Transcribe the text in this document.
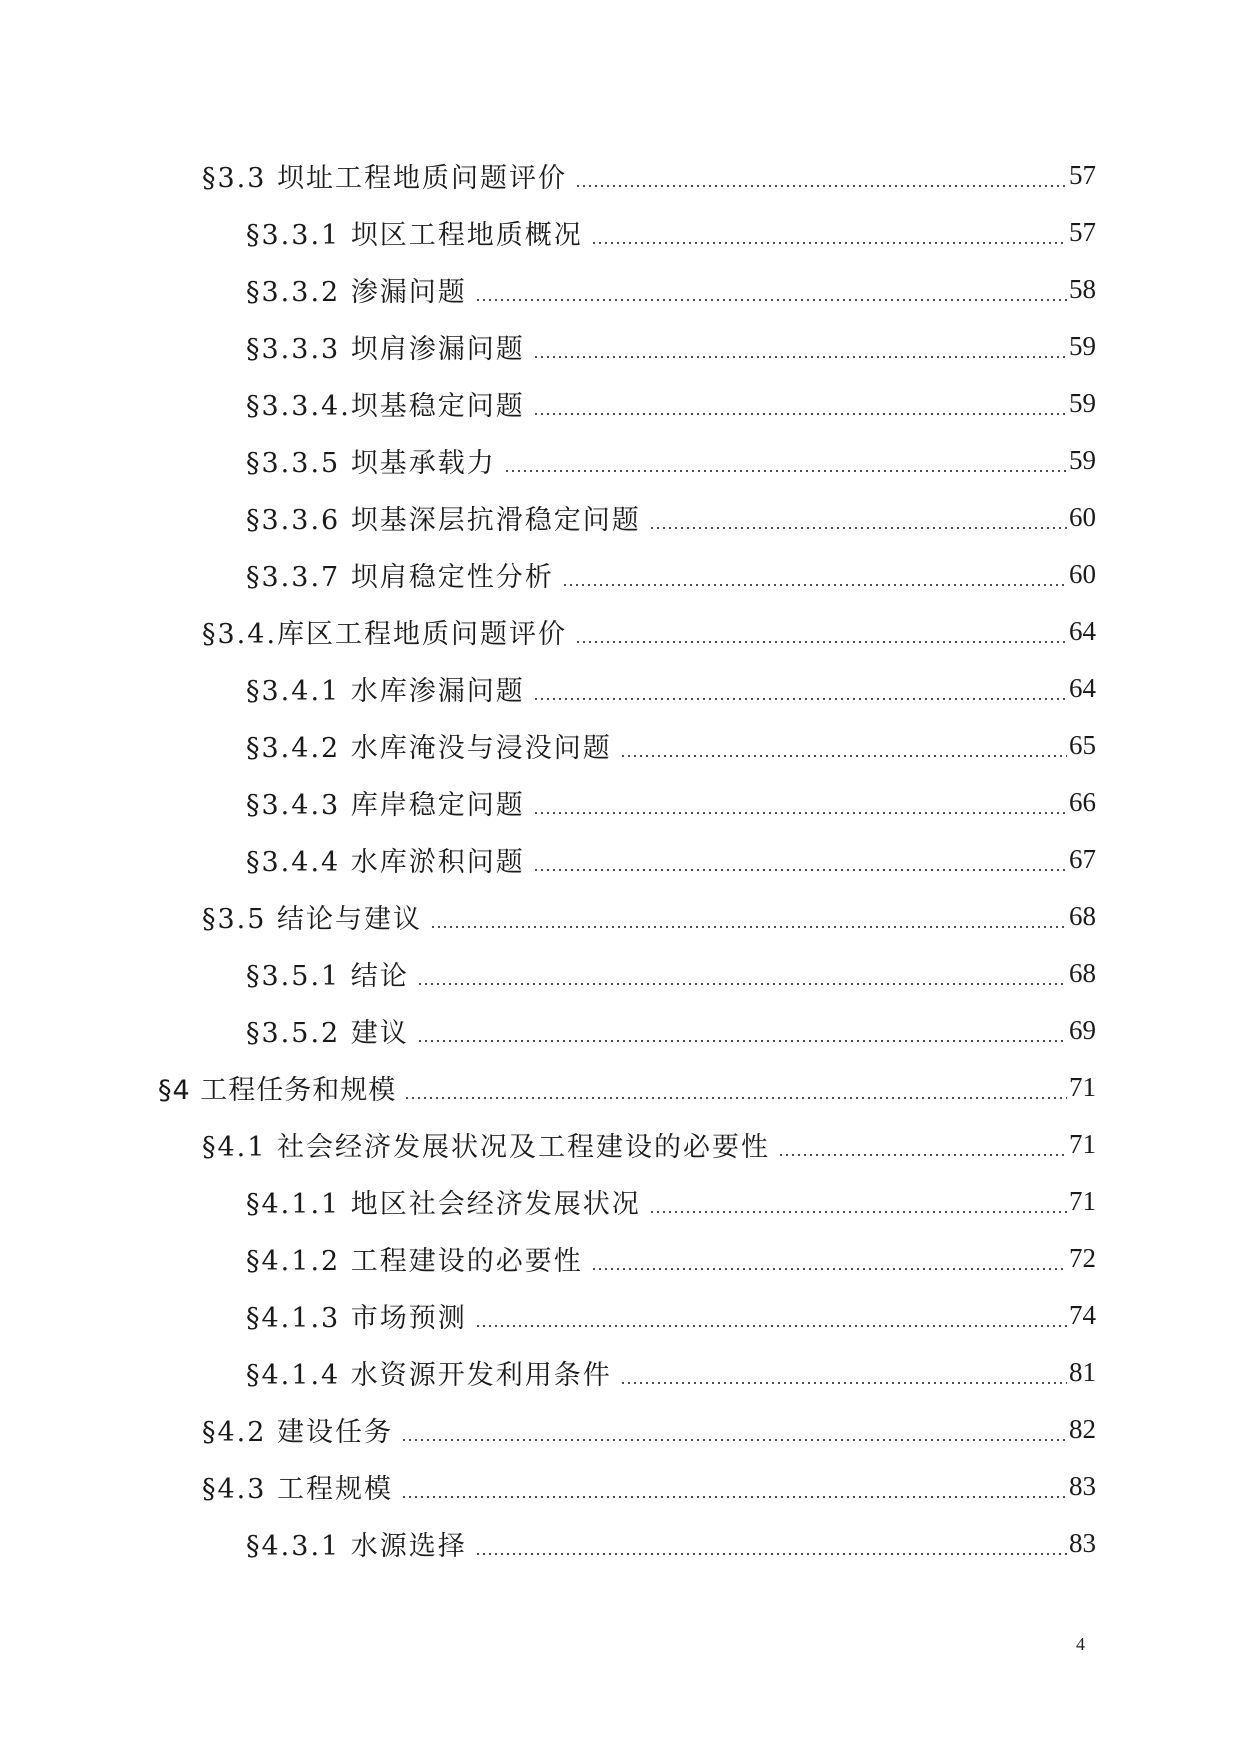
§3.3 坝址工程地质问题评价	57
§3.3.1 坝区工程地质概况	57
§3.3.2 渗漏问题	58
§3.3.3 坝肩渗漏问题	59
§3.3.4.坝基稳定问题	59
§3.3.5 坝基承载力	59
§3.3.6 坝基深层抗滑稳定问题	60
§3.3.7 坝肩稳定性分析	60
§3.4.库区工程地质问题评价	64
§3.4.1 水库渗漏问题	64
§3.4.2 水库淹没与浸没问题	65
§3.4.3 库岸稳定问题	66
§3.4.4 水库淤积问题	67
§3.5 结论与建议	68
§3.5.1 结论	68
§3.5.2 建议	69
§4 工程任务和规模	71
§4.1 社会经济发展状况及工程建设的必要性	71
§4.1.1 地区社会经济发展状况	71
§4.1.2 工程建设的必要性	72
§4.1.3 市场预测	74
§4.1.4 水资源开发利用条件	81
§4.2 建设任务	82
§4.3 工程规模	83
§4.3.1 水源选择	83
4
